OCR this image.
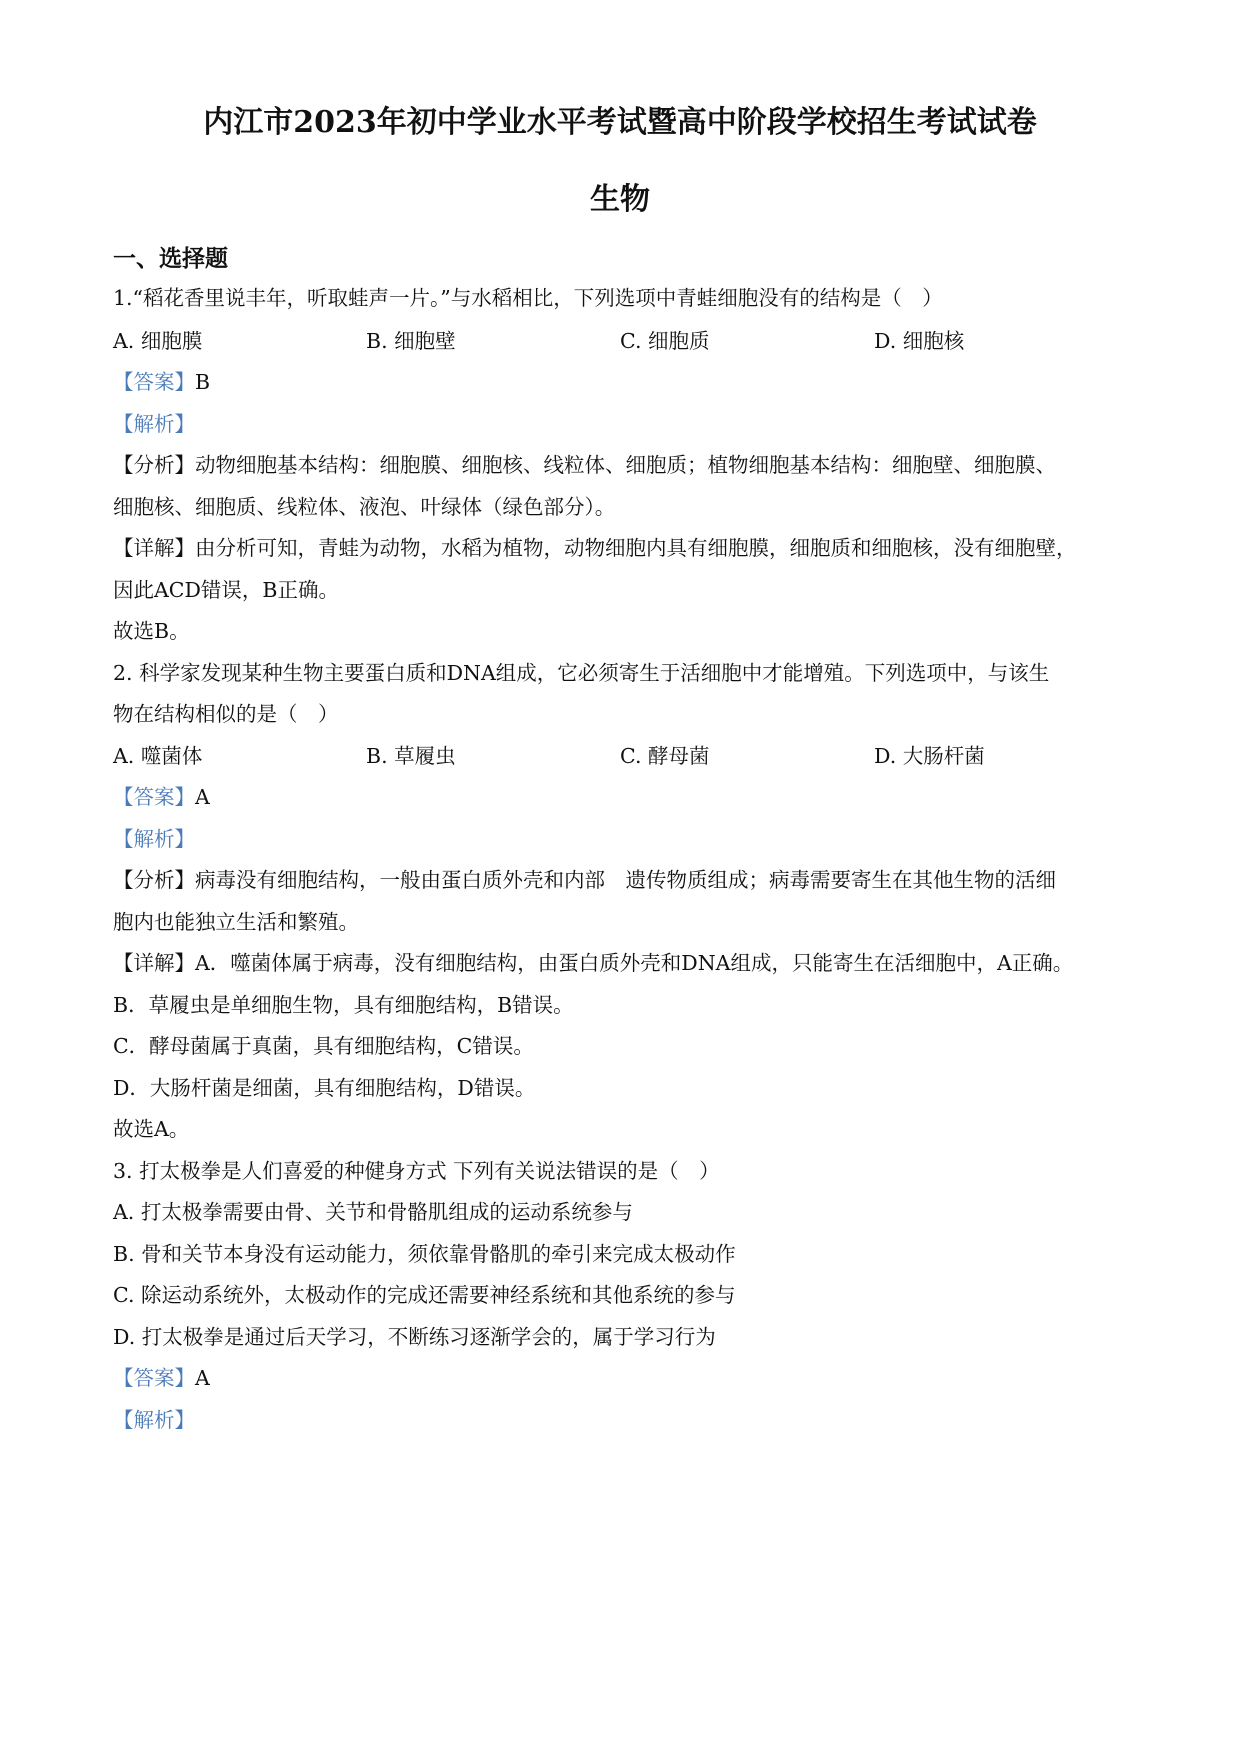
内江市2023年初中学业水平考试暨高中阶段学校招生考试试卷
生物
一、选择题
1.“稻花香里说丰年，听取蛙声一片。”与水稻相比，下列选项中青蛙细胞没有的结构是（　）
A. 细胞膜	B. 细胞壁	C. 细胞质	D. 细胞核
【答案】B
【解析】
【分析】动物细胞基本结构：细胞膜、细胞核、线粒体、细胞质；植物细胞基本结构：细胞壁、细胞膜、
细胞核、细胞质、线粒体、液泡、叶绿体（绿色部分）。
【详解】由分析可知，青蛙为动物，水稻为植物，动物细胞内具有细胞膜，细胞质和细胞核，没有细胞壁，
因此ACD错误，B正确。
故选B。
2. 科学家发现某种生物主要蛋白质和DNA组成，它必须寄生于活细胞中才能增殖。下列选项中，与该生
物在结构相似的是（　）
A. 噬菌体	B. 草履虫	C. 酵母菌	D. 大肠杆菌
【答案】A
【解析】
【分析】病毒没有细胞结构，一般由蛋白质外壳和内部　遗传物质组成；病毒需要寄生在其他生物的活细
胞内也能独立生活和繁殖。
【详解】A．噬菌体属于病毒，没有细胞结构，由蛋白质外壳和DNA组成，只能寄生在活细胞中，A正确。
B．草履虫是单细胞生物，具有细胞结构，B错误。
C．酵母菌属于真菌，具有细胞结构，C错误。
D．大肠杆菌是细菌，具有细胞结构，D错误。
故选A。
3. 打太极拳是人们喜爱的种健身方式 下列有关说法错误的是（　）
A. 打太极拳需要由骨、关节和骨骼肌组成的运动系统参与
B. 骨和关节本身没有运动能力，须依靠骨骼肌的牵引来完成太极动作
C. 除运动系统外，太极动作的完成还需要神经系统和其他系统的参与
D. 打太极拳是通过后天学习，不断练习逐渐学会的，属于学习行为
【答案】A
【解析】
